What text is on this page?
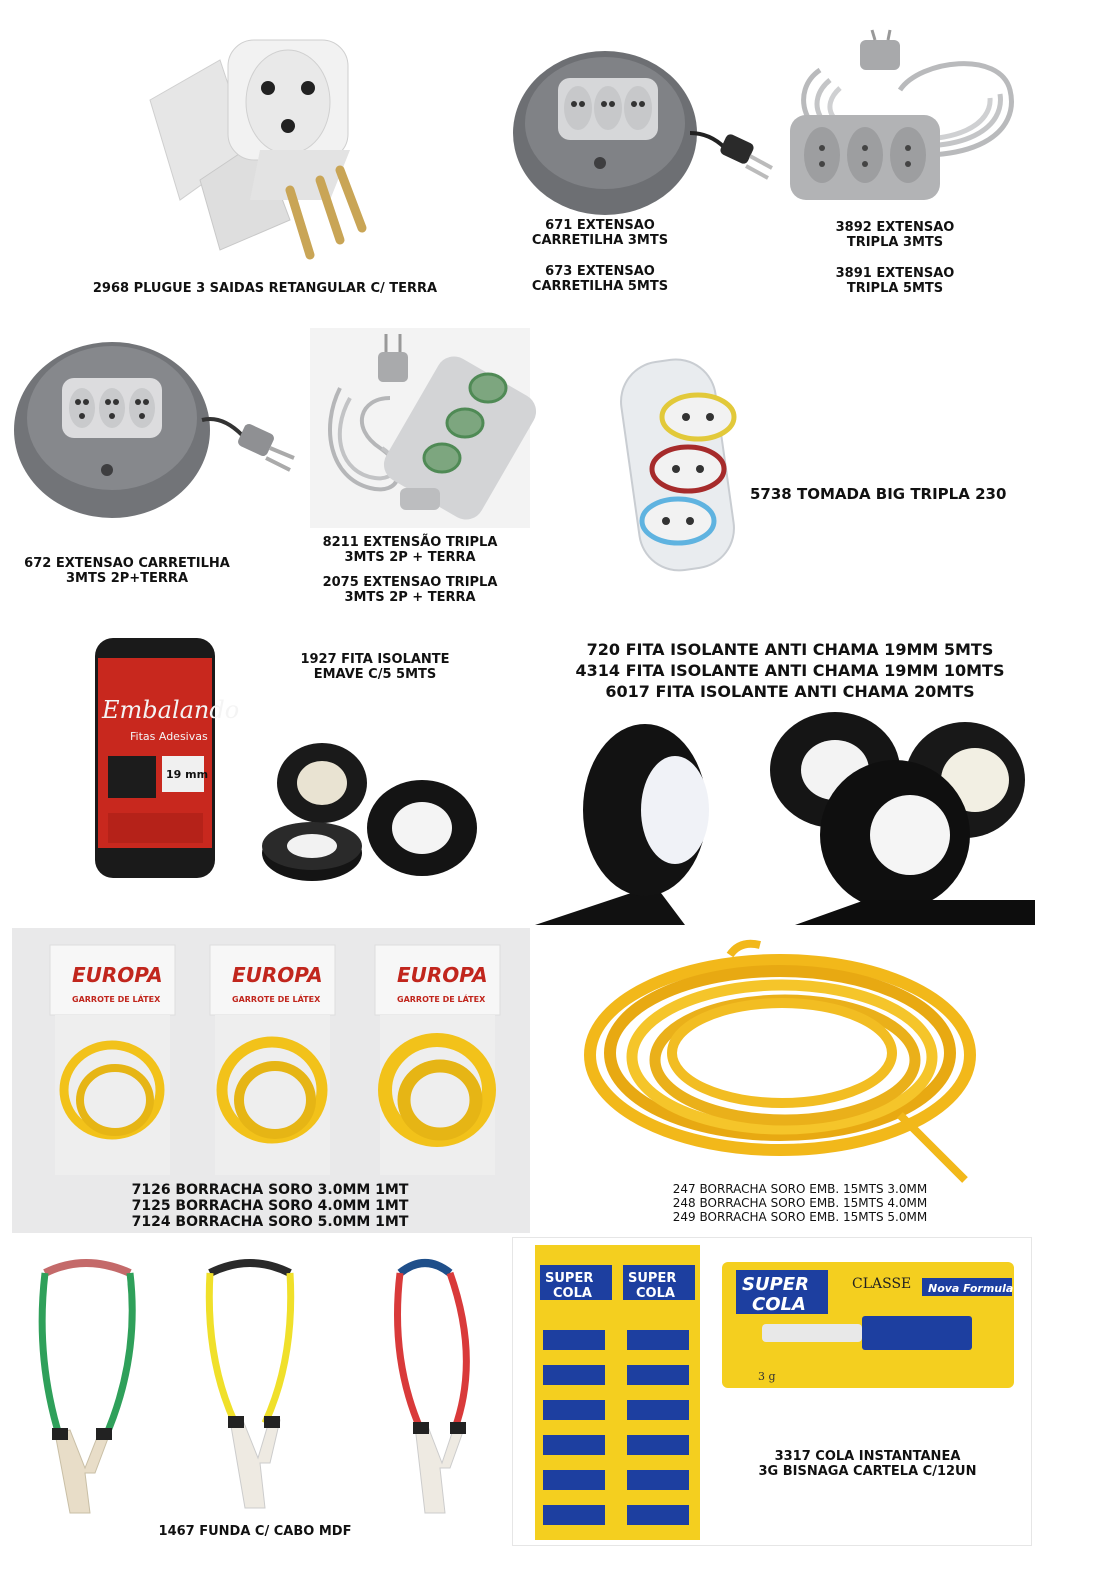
2968 PLUGUE 3 SAIDAS RETANGULAR C/ TERRA
671 EXTENSAO
CARRETILHA 3MTS
673 EXTENSAO
CARRETILHA 5MTS
3892 EXTENSAO
TRIPLA 3MTS
3891 EXTENSAO
TRIPLA 5MTS
672 EXTENSAO CARRETILHA
3MTS 2P+TERRA
8211 EXTENSÃO TRIPLA
3MTS 2P + TERRA
2075 EXTENSAO TRIPLA
3MTS 2P + TERRA
5738 TOMADA BIG TRIPLA 230
Embalando
Fitas Adesivas
19 mm
1927 FITA ISOLANTE
EMAVE C/5 5MTS
720 FITA ISOLANTE ANTI CHAMA 19MM 5MTS
4314 FITA ISOLANTE ANTI CHAMA 19MM 10MTS
6017 FITA ISOLANTE ANTI CHAMA 20MTS
EUROPA
GARROTE DE LÁTEX
EUROPA
GARROTE DE LÁTEX
EUROPA
GARROTE DE LÁTEX
7126 BORRACHA SORO 3.0MM 1MT
7125 BORRACHA SORO 4.0MM 1MT
7124 BORRACHA SORO 5.0MM 1MT
247 BORRACHA SORO EMB. 15MTS 3.0MM
248 BORRACHA SORO EMB. 15MTS 4.0MM
249 BORRACHA SORO EMB. 15MTS 5.0MM
1467 FUNDA C/ CABO MDF
SUPER
COLA
SUPER
COLA	SUPER
COLA
CLASSE Nova Formula
3 g
3317 COLA INSTANTANEA
3G BISNAGA CARTELA C/12UN
